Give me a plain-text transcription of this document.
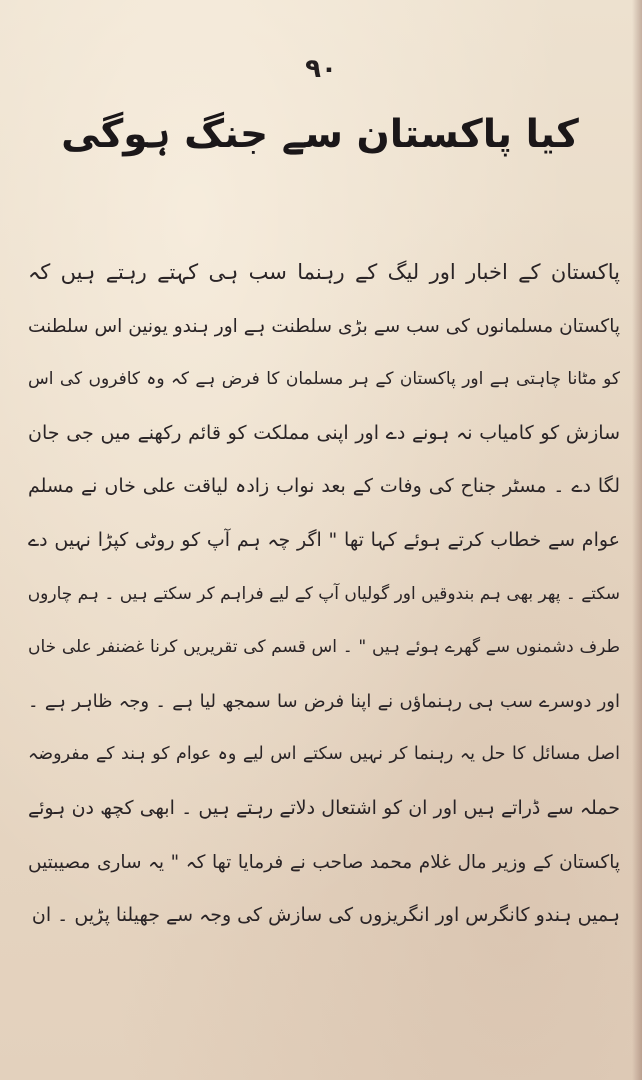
۹۰
کیا پاکستان سے جنگ ہوگی
پاکستان کے اخبار اور لیگ کے رہنما سب ہی کہتے رہتے ہیں کہ
پاکستان مسلمانوں کی سب سے بڑی سلطنت ہے اور ہندو یونین اس سلطنت
کو مٹانا چاہتی ہے اور پاکستان کے ہر مسلمان کا فرض ہے کہ وہ کافروں کی اس
سازش کو کامیاب نہ ہونے دے اور اپنی مملکت کو قائم رکھنے میں جی جان
لگا دے ۔ مسٹر جناح کی وفات کے بعد نواب زادہ لیاقت علی خاں نے مسلم
عوام سے خطاب کرتے ہوئے کہا تھا " اگر چہ ہم آپ کو روٹی کپڑا نہیں دے
سکتے ۔ پھر بھی ہم بندوقیں اور گولیاں آپ کے لیے فراہم کر سکتے ہیں ۔ ہم چاروں
طرف دشمنوں سے گھرے ہوئے ہیں " ۔ اس قسم کی تقریریں کرنا غضنفر علی خاں
اور دوسرے سب ہی رہنماؤں نے اپنا فرض سا سمجھ لیا ہے ۔ وجہ ظاہر ہے ۔
اصل مسائل کا حل یہ رہنما کر نہیں سکتے اس لیے وہ عوام کو ہند کے مفروضہ
حملہ سے ڈراتے ہیں اور ان کو اشتعال دلاتے رہتے ہیں ۔ ابھی کچھ دن ہوئے
پاکستان کے وزیر مال غلام محمد صاحب نے فرمایا تھا کہ " یہ ساری مصیبتیں
ہمیں ہندو کانگرس اور انگریزوں کی سازش کی وجہ سے جھیلنا پڑیں ۔ ان
